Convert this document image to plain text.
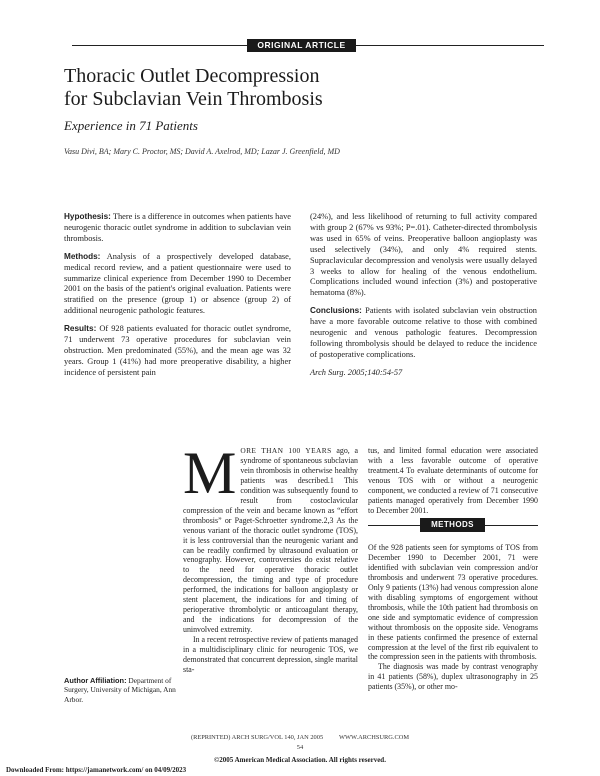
ORIGINAL ARTICLE
Thoracic Outlet Decompression
for Subclavian Vein Thrombosis
Experience in 71 Patients
Vasu Divi, BA; Mary C. Proctor, MS; David A. Axelrod, MD; Lazar J. Greenfield, MD

Hypothesis: There is a difference in outcomes when patients have neurogenic thoracic outlet syndrome in addition to subclavian vein thrombosis.

Methods: Analysis of a prospectively developed database, medical record review, and a patient questionnaire were used to summarize clinical experience from December 1990 to December 2001 on the basis of the patient's original evaluation. Patients were stratified on the presence (group 1) or absence (group 2) of additional neurogenic pathologic features.

Results: Of 928 patients evaluated for thoracic outlet syndrome, 71 underwent 73 operative procedures for subclavian vein obstruction. Men predominated (55%), and the mean age was 32 years. Group 1 (41%) had more preoperative disability, a higher incidence of persistent pain

(24%), and less likelihood of returning to full activity compared with group 2 (67% vs 93%; P=.01). Catheter-directed thrombolysis was used in 65% of veins. Preoperative balloon angioplasty was used selectively (34%), and only 4% required stents. Supraclavicular decompression and venolysis were usually delayed 3 weeks to allow for healing of the venous endothelium. Complications included wound infection (3%) and postoperative hematoma (8%).

Conclusions: Patients with isolated subclavian vein obstruction have a more favorable outcome relative to those with combined neurogenic and venous pathologic features. Decompression following thrombolysis should be delayed to reduce the incidence of postoperative complications.

Arch Surg. 2005;140:54-57

M ORE THAN 100 YEARS ago, a syndrome of spontaneous subclavian vein thrombosis in otherwise healthy patients was described.1 This condition was subsequently found to result from costoclavicular compression of the vein and became known as “effort thrombosis” or Paget-Schroetter syndrome.2,3 As the venous variant of the thoracic outlet syndrome (TOS), it is less controversial than the neurogenic variant and can be readily confirmed by ultrasound evaluation or venography. However, controversies do exist relative to the need for operative thoracic outlet decompression, the timing and type of procedure performed, the indications for balloon angioplasty or stent placement, the indications for and timing of perioperative thrombolytic or anticoagulant therapy, and the indications for decompression of the uninvolved extremity.
In a recent retrospective review of patients managed in a multidisciplinary clinic for neurogenic TOS, we demonstrated that concurrent depression, single marital sta-
tus, and limited formal education were associated with a less favorable outcome of operative treatment.4 To evaluate determinants of outcome for venous TOS with or without a neurogenic component, we conducted a review of 71 consecutive patients managed operatively from December 1990 to December 2001.
METHODS
Of the 928 patients seen for symptoms of TOS from December 1990 to December 2001, 71 were identified with subclavian vein compression and/or thrombosis and underwent 73 operative procedures. Only 9 patients (13%) had venous compression alone with disabling symptoms of engorgement without thrombosis, while the 10th patient had thrombosis on one side and symptomatic evidence of compression without thrombosis on the opposite side. Venograms in these patients confirmed the presence of external compression at the level of the first rib equivalent to the compression seen in the patients with thrombosis.
The diagnosis was made by contrast venography in 41 patients (58%), duplex ultrasonography in 25 patients (35%), or other mo-
Author Affiliation: Department of Surgery, University of Michigan, Ann Arbor.
(REPRINTED) ARCH SURG/VOL 140, JAN 2005          WWW.ARCHSURG.COM
54
©2005 American Medical Association. All rights reserved.
Downloaded From: https://jamanetwork.com/ on 04/09/2023
